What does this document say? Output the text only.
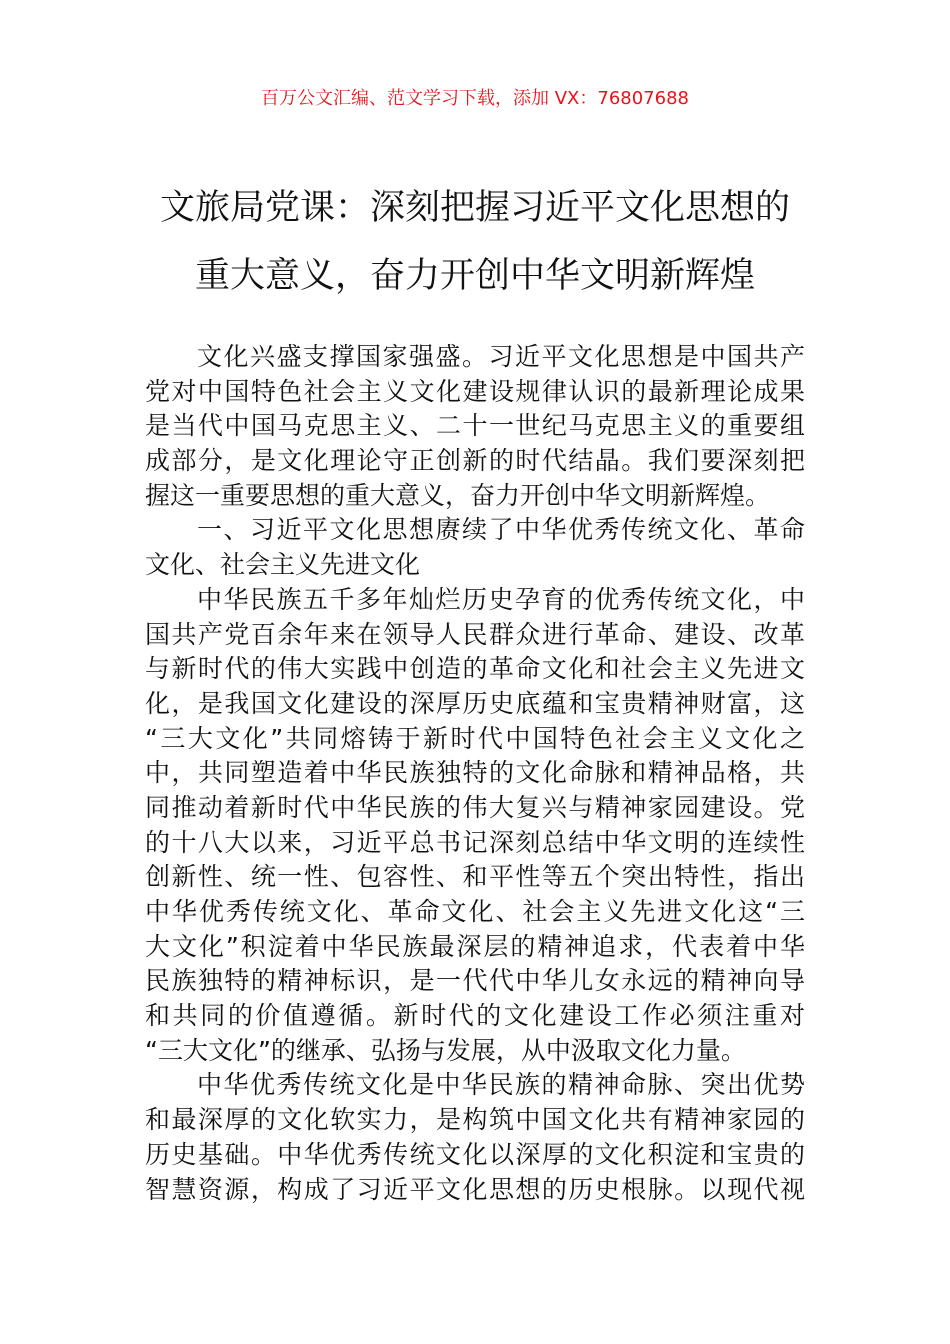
百万公文汇编、范文学习下载，添加 VX：76807688
文旅局党课：深刻把握习近平文化思想的
重大意义，奋力开创中华文明新辉煌
文化兴盛支撑国家强盛。习近平文化思想是中国共产
党对中国特色社会主义文化建设规律认识的最新理论成果
是当代中国马克思主义、二十一世纪马克思主义的重要组
成部分，是文化理论守正创新的时代结晶。我们要深刻把
握这一重要思想的重大意义，奋力开创中华文明新辉煌。
一、习近平文化思想赓续了中华优秀传统文化、革命
文化、社会主义先进文化
中华民族五千多年灿烂历史孕育的优秀传统文化，中
国共产党百余年来在领导人民群众进行革命、建设、改革
与新时代的伟大实践中创造的革命文化和社会主义先进文
化，是我国文化建设的深厚历史底蕴和宝贵精神财富，这
“三大文化”共同熔铸于新时代中国特色社会主义文化之
中，共同塑造着中华民族独特的文化命脉和精神品格，共
同推动着新时代中华民族的伟大复兴与精神家园建设。党
的十八大以来，习近平总书记深刻总结中华文明的连续性
创新性、统一性、包容性、和平性等五个突出特性，指出
中华优秀传统文化、革命文化、社会主义先进文化这“三
大文化”积淀着中华民族最深层的精神追求，代表着中华
民族独特的精神标识，是一代代中华儿女永远的精神向导
和共同的价值遵循。新时代的文化建设工作必须注重对
“三大文化”的继承、弘扬与发展，从中汲取文化力量。
中华优秀传统文化是中华民族的精神命脉、突出优势
和最深厚的文化软实力，是构筑中国文化共有精神家园的
历史基础。中华优秀传统文化以深厚的文化积淀和宝贵的
智慧资源，构成了习近平文化思想的历史根脉。以现代视
